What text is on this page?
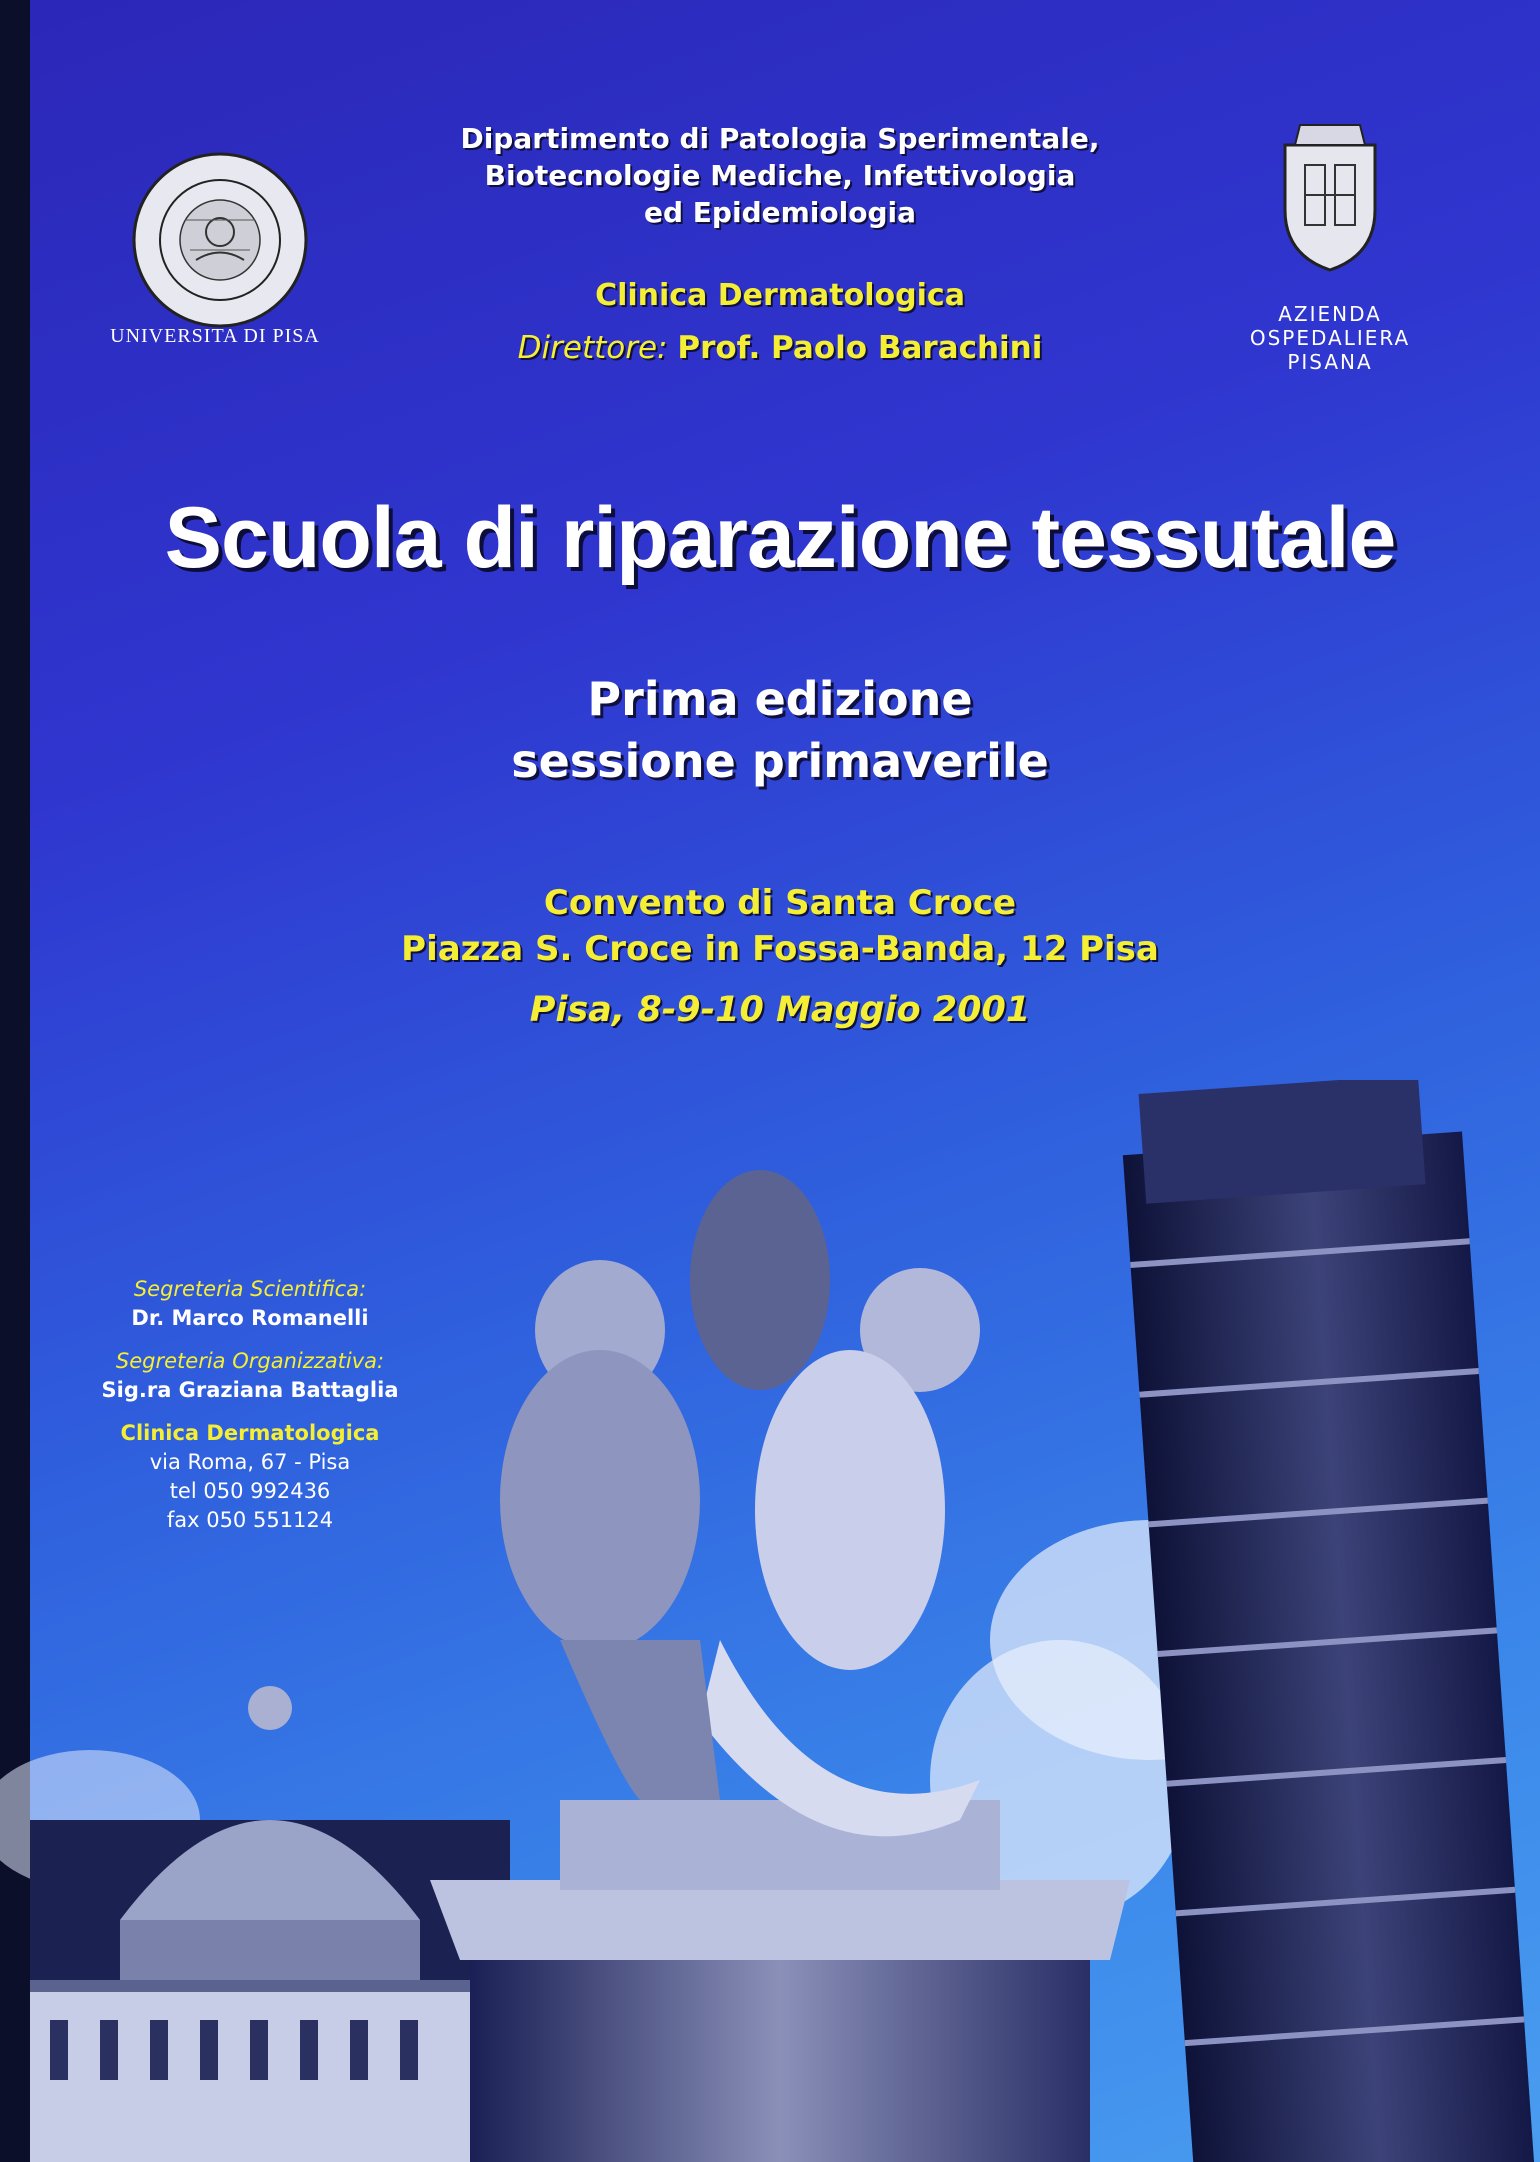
UNIVERSITA DI PISA

AZIENDA
OSPEDALIERA
PISANA
Dipartimento di Patologia Sperimentale,
Biotecnologie Mediche, Infettivologia
ed Epidemiologia

Clinica Dermatologica

Direttore: Prof. Paolo Barachini
Scuola di riparazione tessutale
Prima edizione
sessione primaverile
Convento di Santa Croce
Piazza S. Croce in Fossa-Banda, 12 Pisa

Pisa, 8-9-10 Maggio 2001

Segreteria Scientifica:
Dr. Marco Romanelli
Segreteria Organizzativa:
Sig.ra Graziana Battaglia
Clinica Dermatologica
via Roma, 67 - Pisa
tel 050 992436
fax 050 551124
